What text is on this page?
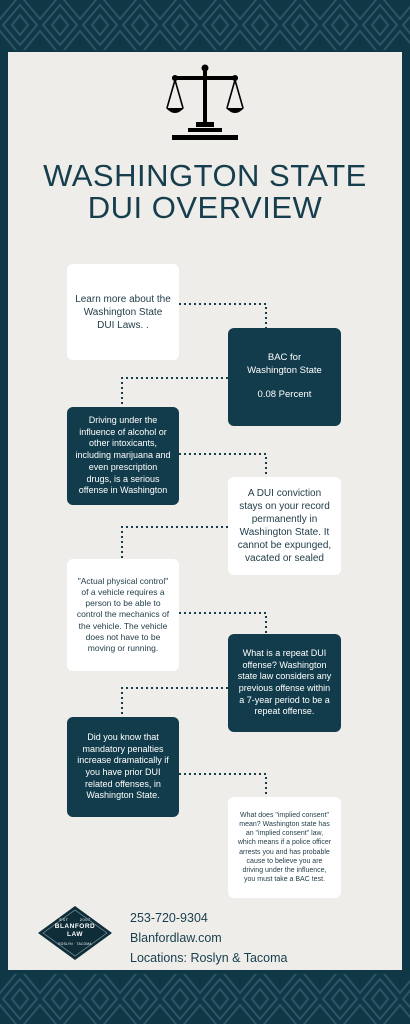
WASHINGTON STATE
DUI OVERVIEW
Learn more about the Washington State DUI Laws. .
BAC for
Washington State

0.08 Percent
Driving under the influence of alcohol or other intoxicants, including marijuana and even prescription drugs, is a serious offense in Washington	A DUI conviction stays on your record permanently in Washington State. It cannot be expunged, vacated or sealed
"Actual physical control" of a vehicle requires a person to be able to control the mechanics of the vehicle. The vehicle does not have to be moving or running.
What is a repeat DUI offense? Washington state law considers any previous offense within a 7-year period to be a repeat offense.
Did you know that mandatory penalties increase dramatically if you have prior DUI related offenses, in Washington State.
What does "implied consent" mean? Washington state has an "implied consent" law, which means if a police officer arrests you and has probable cause to believe you are driving under the influence, you must take a BAC test.
EST	2007
BLANFORD
LAW
ROSLYN · TACOMA
253-720-9304
Blanfordlaw.com
Locations: Roslyn & Tacoma
